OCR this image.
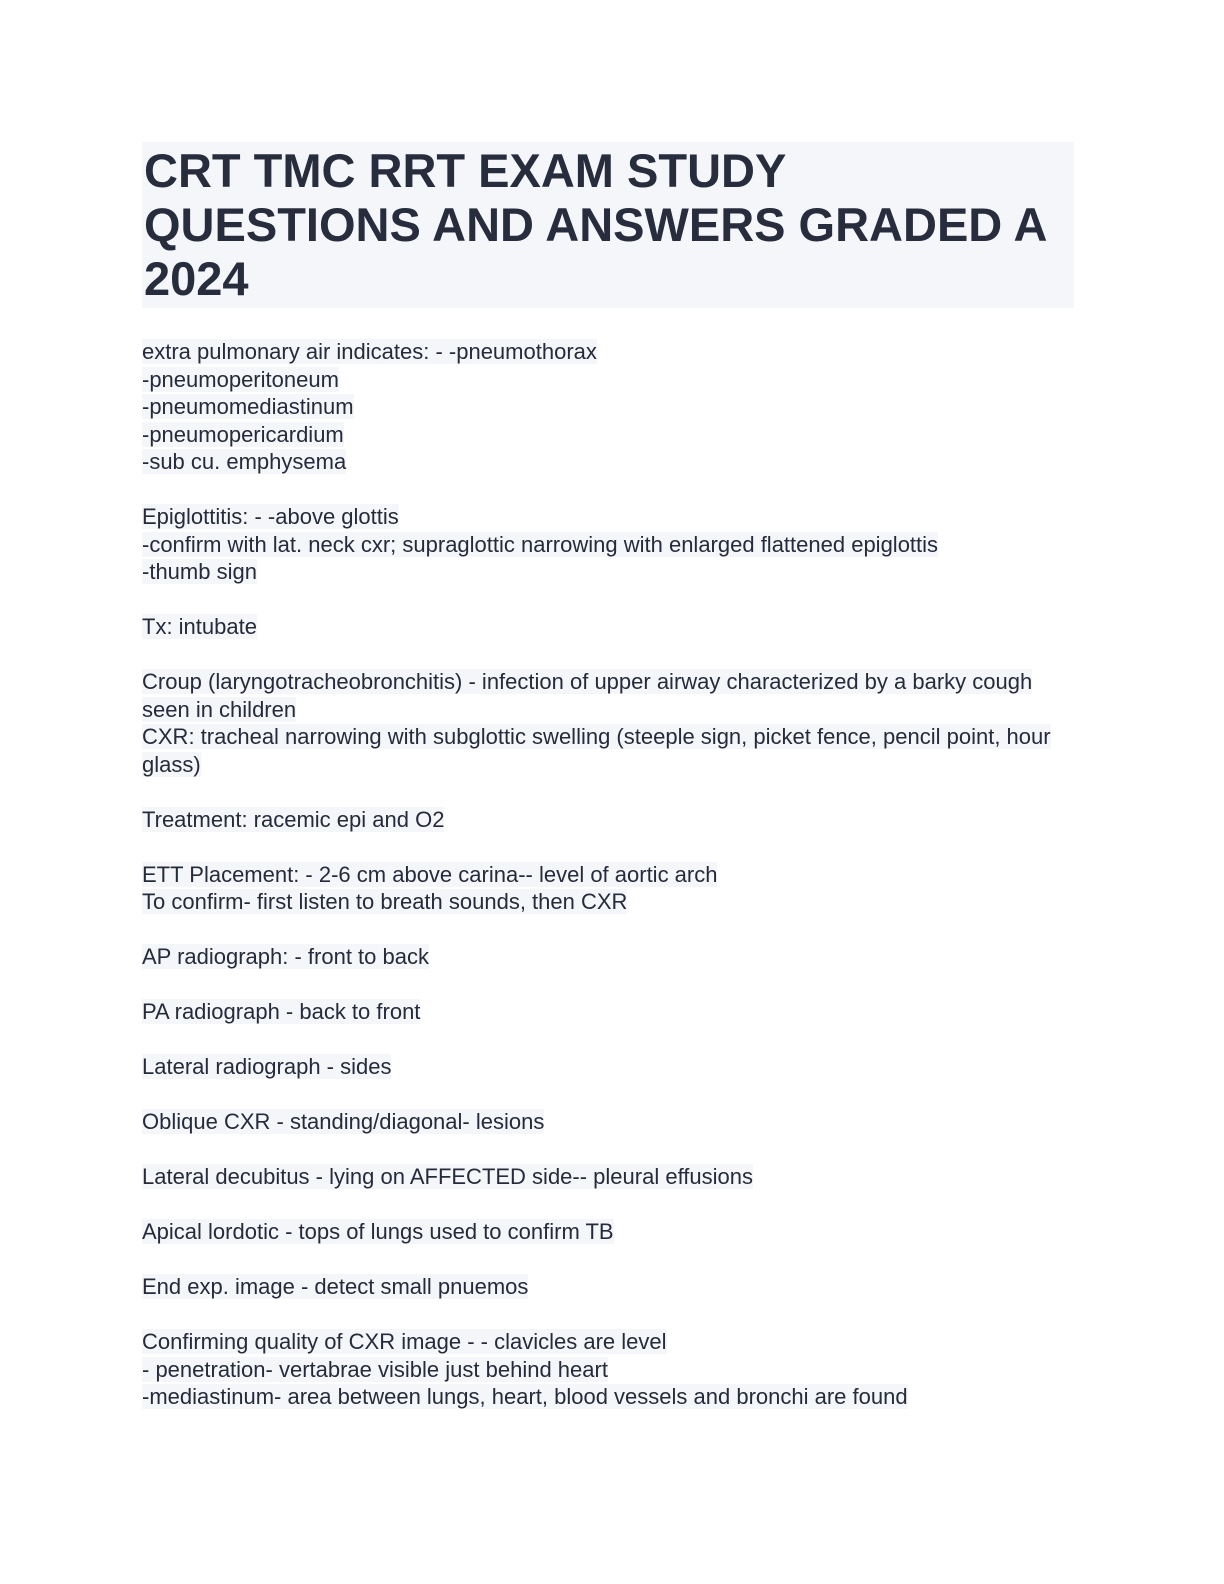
CRT TMC RRT EXAM STUDY QUESTIONS AND ANSWERS GRADED A 2024
extra pulmonary air indicates: - -pneumothorax
-pneumoperitoneum
-pneumomediastinum
-pneumopericardium
-sub cu. emphysema
Epiglottitis: - -above glottis
-confirm with lat. neck cxr; supraglottic narrowing with enlarged flattened epiglottis
-thumb sign
Tx: intubate
Croup (laryngotracheobronchitis) - infection of upper airway characterized by a barky cough seen in children
CXR: tracheal narrowing with subglottic swelling (steeple sign, picket fence, pencil point, hour glass)
Treatment: racemic epi and O2
ETT Placement: - 2-6 cm above carina-- level of aortic arch
To confirm- first listen to breath sounds, then CXR
AP radiograph: - front to back
PA radiograph - back to front
Lateral radiograph - sides
Oblique CXR - standing/diagonal- lesions
Lateral decubitus - lying on AFFECTED side-- pleural effusions
Apical lordotic - tops of lungs used to confirm TB
End exp. image - detect small pnuemos
Confirming quality of CXR image - - clavicles are level
- penetration- vertabrae visible just behind heart
-mediastinum- area between lungs, heart, blood vessels and bronchi are found
